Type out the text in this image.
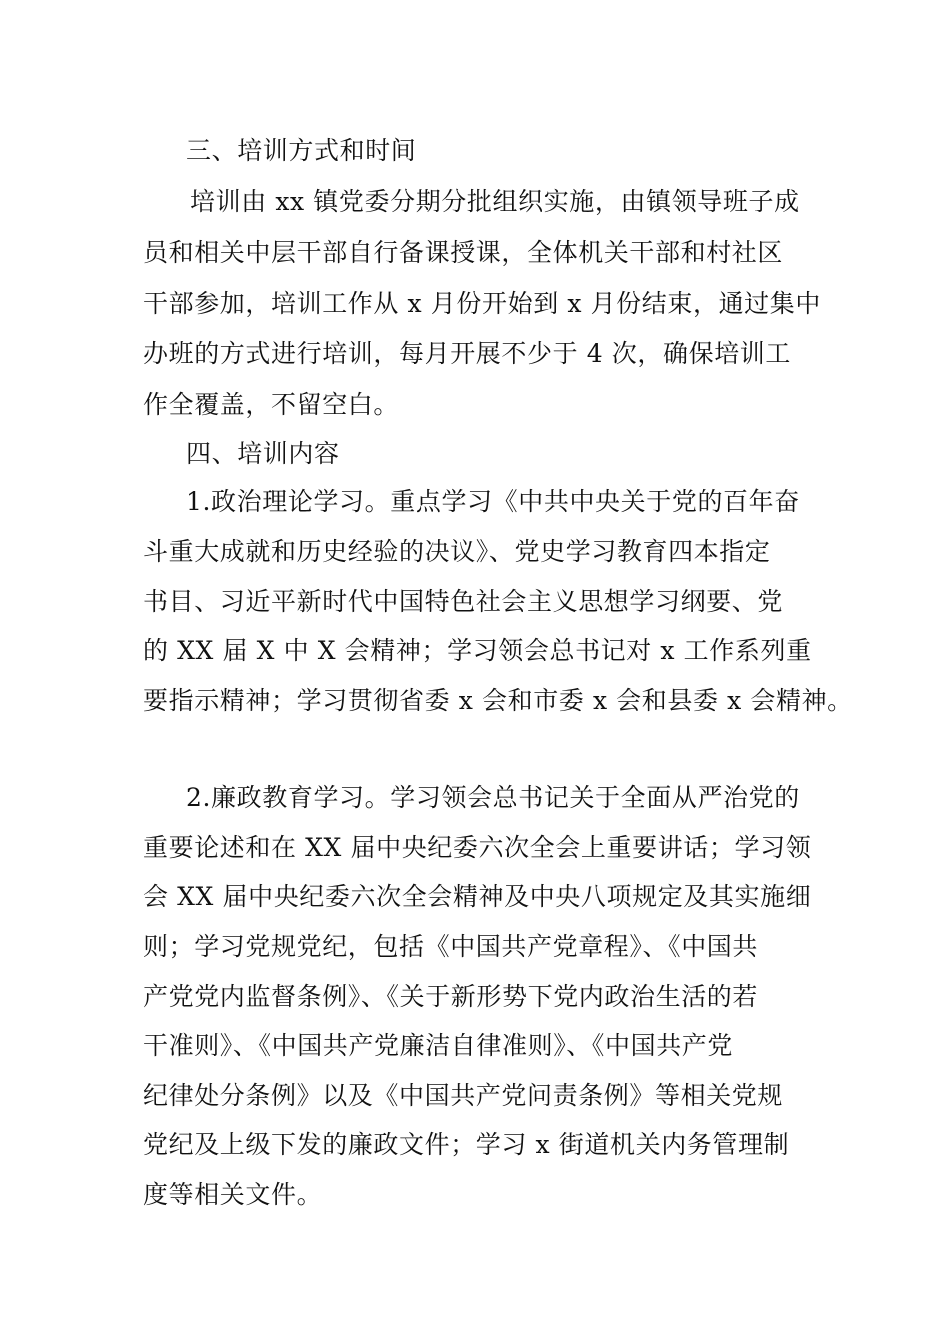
三、培训方式和时间
培训由 xx 镇党委分期分批组织实施，由镇领导班子成
员和相关中层干部自行备课授课，全体机关干部和村社区
干部参加，培训工作从 x 月份开始到 x 月份结束，通过集中
办班的方式进行培训，每月开展不少于 4 次，确保培训工
作全覆盖，不留空白。
四、培训内容
1.政治理论学习。重点学习《中共中央关于党的百年奋
斗重大成就和历史经验的决议》、党史学习教育四本指定
书目、习近平新时代中国特色社会主义思想学习纲要、党
的 XX 届 X 中 X 会精神；学习领会总书记对 x 工作系列重
要指示精神；学习贯彻省委 x 会和市委 x 会和县委 x 会精神。
2.廉政教育学习。学习领会总书记关于全面从严治党的
重要论述和在 XX 届中央纪委六次全会上重要讲话；学习领
会 XX 届中央纪委六次全会精神及中央八项规定及其实施细
则；学习党规党纪，包括《中国共产党章程》、《中国共
产党党内监督条例》、《关于新形势下党内政治生活的若
干准则》、《中国共产党廉洁自律准则》、《中国共产党
纪律处分条例》以及《中国共产党问责条例》等相关党规
党纪及上级下发的廉政文件；学习 x 街道机关内务管理制
度等相关文件。
